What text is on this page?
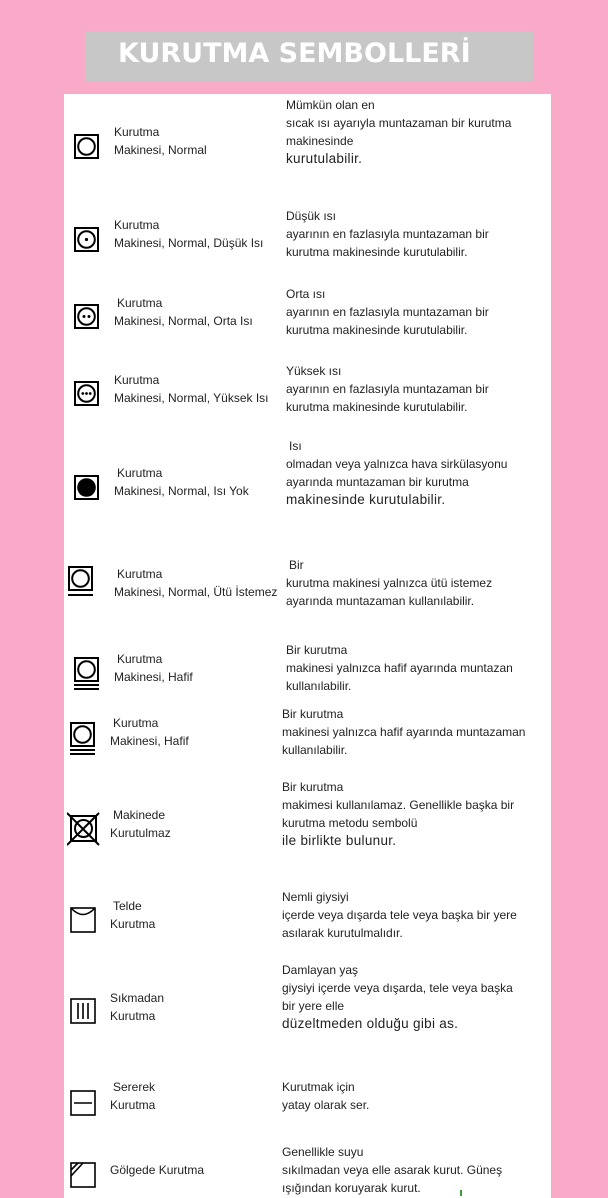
KURUTMA SEMBOLLERİ
Kurutma
Makinesi, Normal
Mümkün olan en
sıcak ısı ayarıyla muntazaman bir kurutma
makinesinde
kurutulabilir.
Kurutma
Makinesi, Normal, Düşük Isı
Düşük ısı
ayarının en fazlasıyla muntazaman bir
kurutma makinesinde kurutulabilir.
Kurutma
Makinesi, Normal, Orta Isı
Orta ısı
ayarının en fazlasıyla muntazaman bir
kurutma makinesinde kurutulabilir.
Kurutma
Makinesi, Normal, Yüksek Isı
Yüksek ısı
ayarının en fazlasıyla muntazaman bir
kurutma makinesinde kurutulabilir.
Kurutma
Makinesi, Normal, Isı Yok
Isı
olmadan veya yalnızca hava sirkülasyonu
ayarında muntazaman bir kurutma
makinesinde kurutulabilir.
Kurutma
Makinesi, Normal, Ütü İstemez
Bir
kurutma makinesi yalnızca ütü istemez
ayarında muntazaman kullanılabilir.
Kurutma
Makinesi, Hafif
Bir kurutma
makinesi yalnızca hafif ayarında muntazan
kullanılabilir.
Kurutma
Makinesi, Hafif
Bir kurutma
makinesi yalnızca hafif ayarında muntazaman
kullanılabilir.
Makinede
Kurutulmaz
Bir kurutma
makimesi kullanılamaz. Genellikle başka bir
kurutma metodu sembolü
ile birlikte bulunur.
Telde
Kurutma
Nemli giysiyi
içerde veya dışarda tele veya başka bir yere
asılarak kurutulmalıdır.
Sıkmadan
Kurutma
Damlayan yaş
giysiyi içerde veya dışarda, tele veya başka
bir yere elle
düzeltmeden olduğu gibi as.
Sererek
Kurutma
Kurutmak için
yatay olarak ser.
Gölgede Kurutma
Genellikle suyu
sıkılmadan veya elle asarak kurut. Güneş
ışığından koruyarak kurut.
